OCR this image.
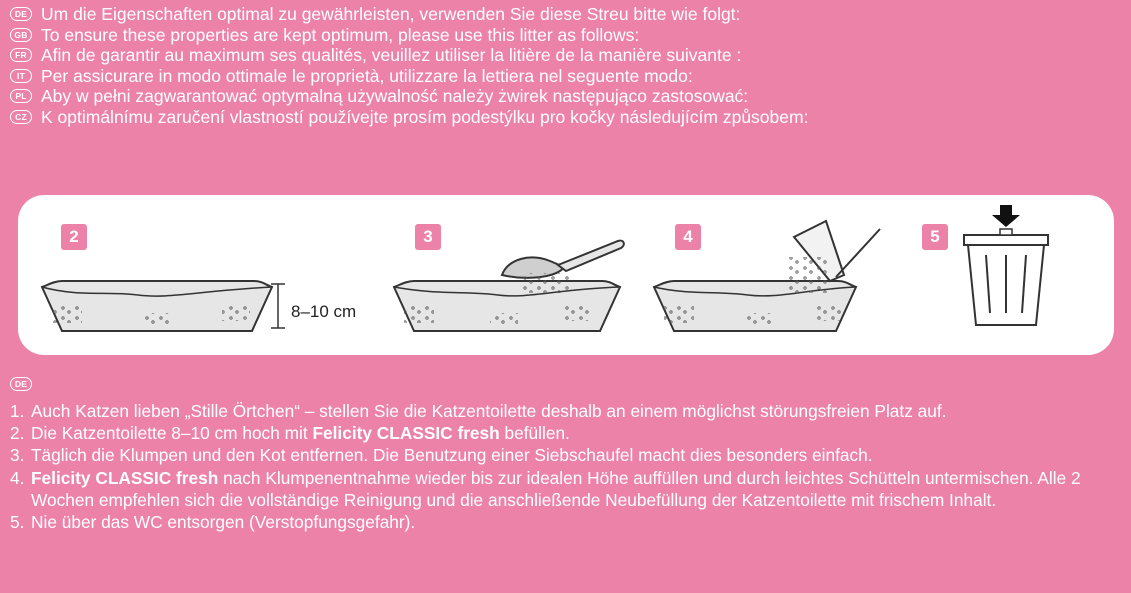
DE Um die Eigenschaften optimal zu gewährleisten, verwenden Sie diese Streu bitte wie folgt:
GB To ensure these properties are kept optimum, please use this litter as follows:
FR Afin de garantir au maximum ses qualités, veuillez utiliser la litière de la manière suivante :
IT Per assicurare in modo ottimale le proprietà, utilizzare la lettiera nel seguente modo:
PL Aby w pełni zagwarantować optymalną używalność należy żwirek następująco zastosować:
CZ K optimálnímu zaručení vlastností používejte prosím podestýlku pro kočky následujícím způsobem:
2	3	4	5
8–10 cm
DE
1. Auch Katzen lieben „Stille Örtchen“ – stellen Sie die Katzentoilette deshalb an einem möglichst störungsfreien Platz auf.
2. Die Katzentoilette 8–10 cm hoch mit Felicity CLASSIC fresh befüllen.
3. Täglich die Klumpen und den Kot entfernen. Die Benutzung einer Siebschaufel macht dies besonders einfach.
4. Felicity CLASSIC fresh nach Klumpenentnahme wieder bis zur idealen Höhe auffüllen und durch leichtes Schütteln untermischen. Alle 2 Wochen empfehlen sich die vollständige Reinigung und die anschließende Neubefüllung der Katzentoilette mit frischem Inhalt.
5. Nie über das WC entsorgen (Verstopfungsgefahr).
